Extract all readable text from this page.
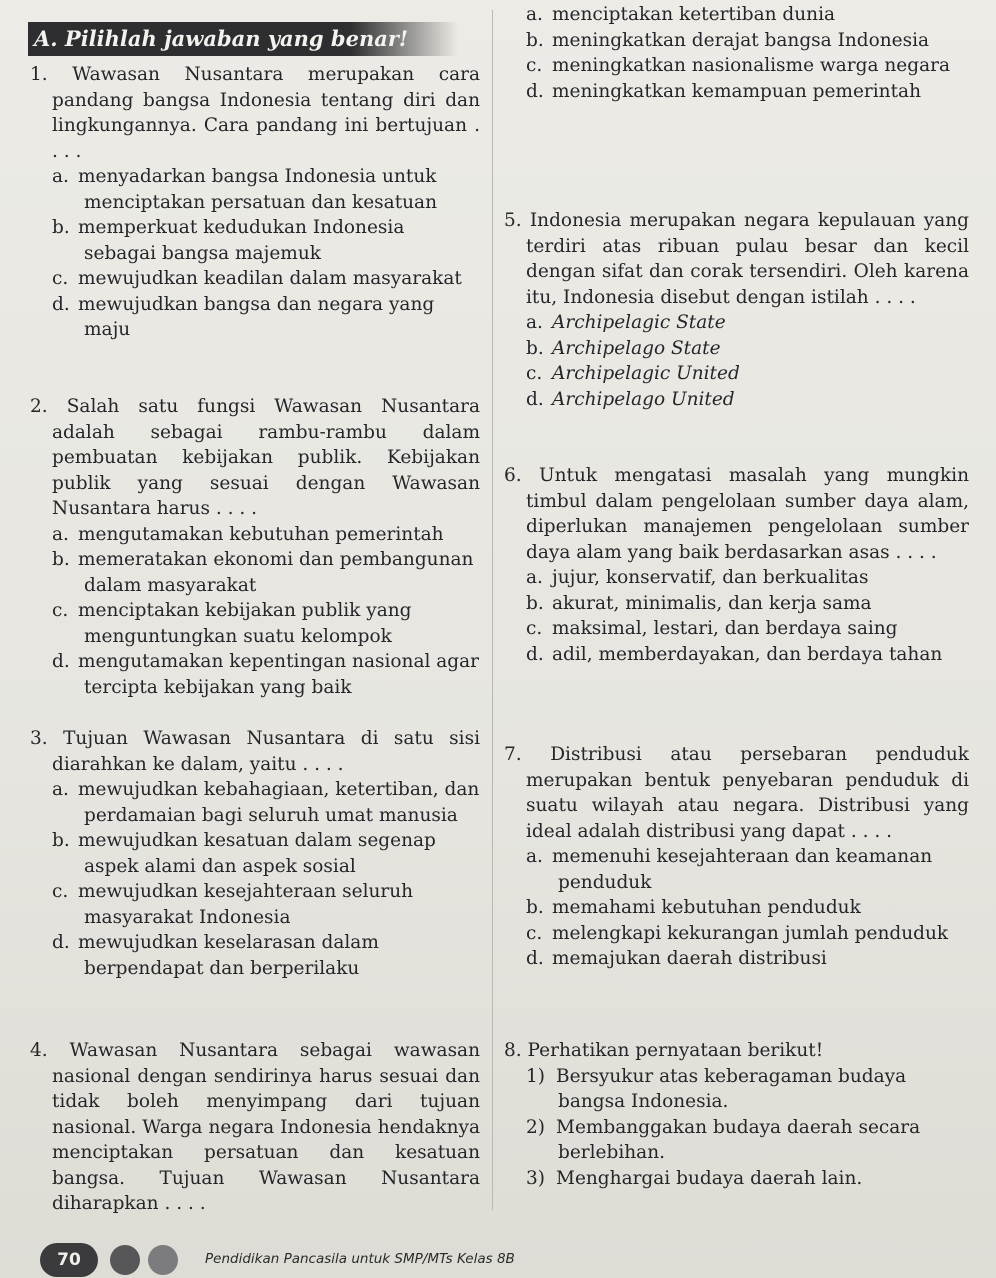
A. Pilihlah jawaban yang benar!
1. Wawasan Nusantara merupakan cara pandang bangsa Indonesia tentang diri dan lingkungannya. Cara pandang ini bertujuan . . . .
a. menyadarkan bangsa Indonesia untuk menciptakan persatuan dan kesatuan
b. memperkuat kedudukan Indonesia sebagai bangsa majemuk
c. mewujudkan keadilan dalam masyarakat
d. mewujudkan bangsa dan negara yang maju
2. Salah satu fungsi Wawasan Nusantara adalah sebagai rambu-rambu dalam pembuatan kebijakan publik. Kebijakan publik yang sesuai dengan Wawasan Nusantara harus . . . .
a. mengutamakan kebutuhan pemerintah
b. memeratakan ekonomi dan pembangunan dalam masyarakat
c. menciptakan kebijakan publik yang menguntungkan suatu kelompok
d. mengutamakan kepentingan nasional agar tercipta kebijakan yang baik
3. Tujuan Wawasan Nusantara di satu sisi diarahkan ke dalam, yaitu . . . .
a. mewujudkan kebahagiaan, ketertiban, dan perdamaian bagi seluruh umat manusia
b. mewujudkan kesatuan dalam segenap aspek alami dan aspek sosial
c. mewujudkan kesejahteraan seluruh masyarakat Indonesia
d. mewujudkan keselarasan dalam berpendapat dan berperilaku
4. Wawasan Nusantara sebagai wawasan nasional dengan sendirinya harus sesuai dan tidak boleh menyimpang dari tujuan nasional. Warga negara Indonesia hendaknya menciptakan persatuan dan kesatuan bangsa. Tujuan Wawasan Nusantara diharapkan . . . .
a. menciptakan ketertiban dunia
b. meningkatkan derajat bangsa Indonesia
c. meningkatkan nasionalisme warga negara
d. meningkatkan kemampuan pemerintah
5. Indonesia merupakan negara kepulauan yang terdiri atas ribuan pulau besar dan kecil dengan sifat dan corak tersendiri. Oleh karena itu, Indonesia disebut dengan istilah . . . .
a. Archipelagic State
b. Archipelago State
c. Archipelagic United
d. Archipelago United
6. Untuk mengatasi masalah yang mungkin timbul dalam pengelolaan sumber daya alam, diperlukan manajemen pengelolaan sumber daya alam yang baik berdasarkan asas . . . .
a. jujur, konservatif, dan berkualitas
b. akurat, minimalis, dan kerja sama
c. maksimal, lestari, dan berdaya saing
d. adil, memberdayakan, dan berdaya tahan
7. Distribusi atau persebaran penduduk merupakan bentuk penyebaran penduduk di suatu wilayah atau negara. Distribusi yang ideal adalah distribusi yang dapat . . . .
a. memenuhi kesejahteraan dan keamanan penduduk
b. memahami kebutuhan penduduk
c. melengkapi kekurangan jumlah penduduk
d. memajukan daerah distribusi
8. Perhatikan pernyataan berikut!
1) Bersyukur atas keberagaman budaya bangsa Indonesia.
2) Membanggakan budaya daerah secara berlebihan.
3) Menghargai budaya daerah lain.
70	Pendidikan Pancasila untuk SMP/MTs Kelas 8B
